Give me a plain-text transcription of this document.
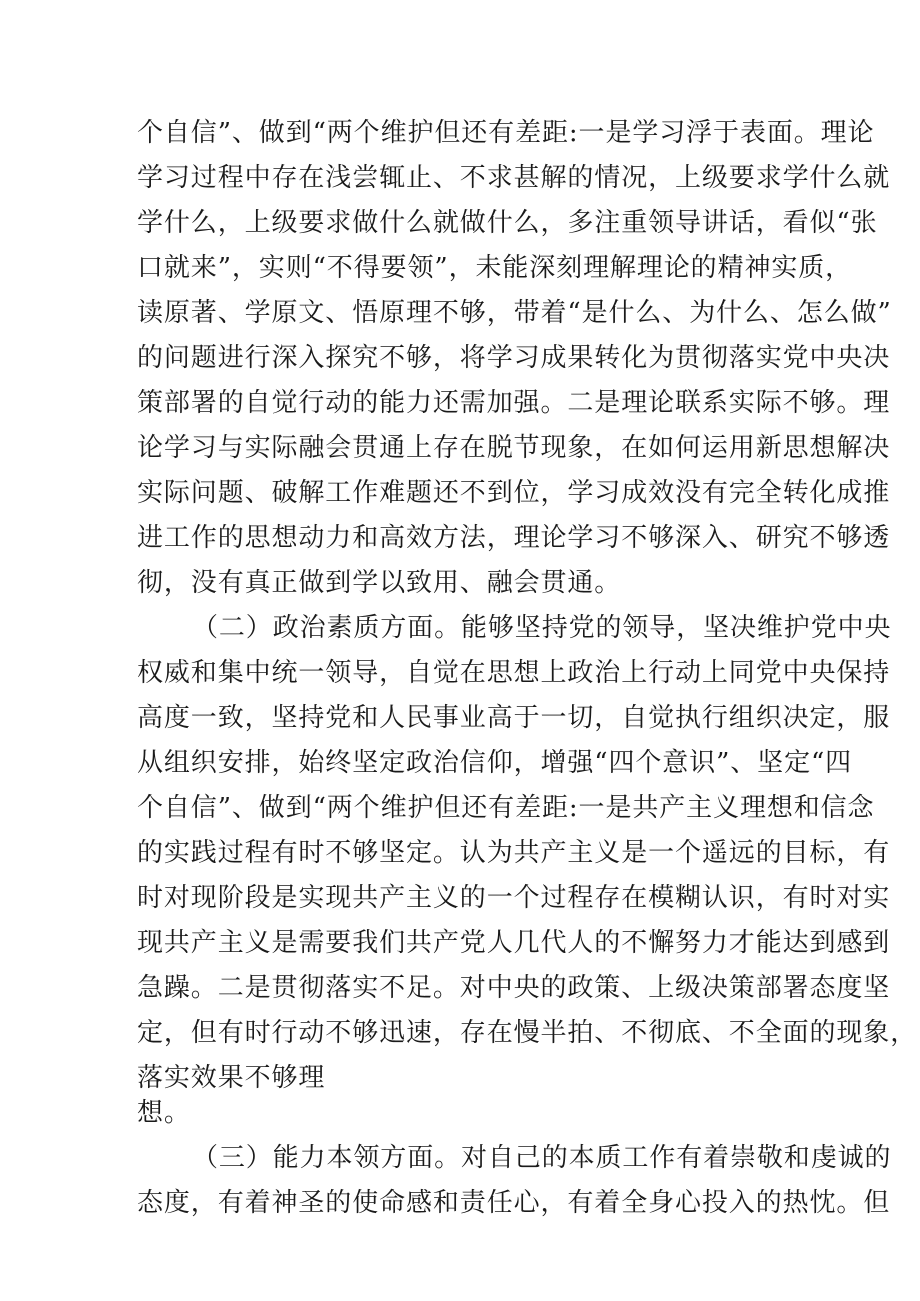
个自信”、做到“两个维护但还有差距:一是学习浮于表面。理论
学习过程中存在浅尝辄止、不求甚解的情况，上级要求学什么就
学什么，上级要求做什么就做什么，多注重领导讲话，看似“张
口就来”，实则“不得要领”，未能深刻理解理论的精神实质，
读原著、学原文、悟原理不够，带着“是什么、为什么、怎么做”
的问题进行深入探究不够，将学习成果转化为贯彻落实党中央决
策部署的自觉行动的能力还需加强。二是理论联系实际不够。理
论学习与实际融会贯通上存在脱节现象，在如何运用新思想解决
实际问题、破解工作难题还不到位，学习成效没有完全转化成推
进工作的思想动力和高效方法，理论学习不够深入、研究不够透
彻，没有真正做到学以致用、融会贯通。
（二）政治素质方面。能够坚持党的领导，坚决维护党中央
权威和集中统一领导，自觉在思想上政治上行动上同党中央保持
高度一致，坚持党和人民事业高于一切，自觉执行组织决定，服
从组织安排，始终坚定政治信仰，增强“四个意识”、坚定“四
个自信”、做到“两个维护但还有差距:一是共产主义理想和信念
的实践过程有时不够坚定。认为共产主义是一个遥远的目标，有
时对现阶段是实现共产主义的一个过程存在模糊认识，有时对实
现共产主义是需要我们共产党人几代人的不懈努力才能达到感到
急躁。二是贯彻落实不足。对中央的政策、上级决策部署态度坚
定，但有时行动不够迅速，存在慢半拍、不彻底、不全面的现象，
落实效果不够理
想。
（三）能力本领方面。对自己的本质工作有着崇敬和虔诚的
态度，有着神圣的使命感和责任心，有着全身心投入的热忱。但
